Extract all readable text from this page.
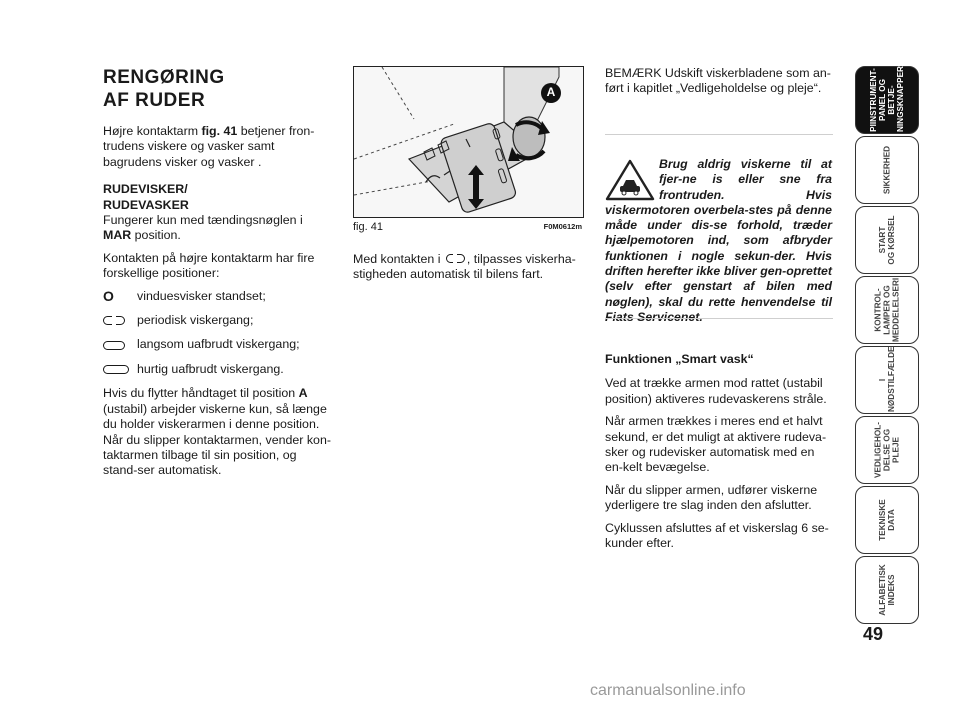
RENGØRING
AF RUDER
Højre kontaktarm fig. 41 betjener fron-trudens viskere og vasker samt bagrudens visker og vasker .
RUDEVISKER/
RUDEVASKER
Fungerer kun med tændingsnøglen i MAR position.
Kontakten på højre kontaktarm har fire forskellige positioner:
O	vinduesvisker standset;
periodisk viskergang;
langsom uafbrudt viskergang;
hurtig uafbrudt viskergang.
Hvis du flytter håndtaget til position A (ustabil) arbejder viskerne kun, så længe du holder viskerarmen i denne position. Når du slipper kontaktarmen, vender kon-taktarmen tilbage til sin position, og stand-ser automatisk.
A
fig. 41	F0M0612m
Med kontakten i , tilpasses viskerha-stigheden automatisk til bilens fart.
BEMÆRK Udskift viskerbladene som an-ført i kapitlet „Vedligeholdelse og pleje“.
Brug aldrig viskerne til at fjer-ne is eller sne fra frontruden. Hvis viskermotoren overbela-stes på denne måde under dis-se forhold, træder hjælpemotoren ind, som afbryder funktionen i nogle sekun-der. Hvis driften herefter ikke bliver gen-oprettet (selv efter genstart af bilen med nøglen), skal du rette henvendelse til Fiats Servicenet.
Funktionen „Smart vask“
Ved at trække armen mod rattet (ustabil position) aktiveres rudevaskerens stråle.
Når armen trækkes i meres end et halvt sekund, er det muligt at aktivere rudeva-sker og rudevisker automatisk med en en-kelt bevægelse.
Når du slipper armen, udfører viskerne yderligere tre slag inden den afslutter.
Cyklussen afsluttes af et viskerslag 6 se-kunder efter.
PIINSTRUMENT-
PANEL OG BETJE-
NINGSKNAPPERI
SIKKERHED
START
OG KØRSEL
KONTROL-
LAMPER OG
MEDDELELSERI
I
NØDSTILFÆLDE
VEDLIGEHOL-
DELSE OG
PLEJE
TEKNISKE
DATA
ALFABETISK
INDEKS
49
carmanualsonline.info
